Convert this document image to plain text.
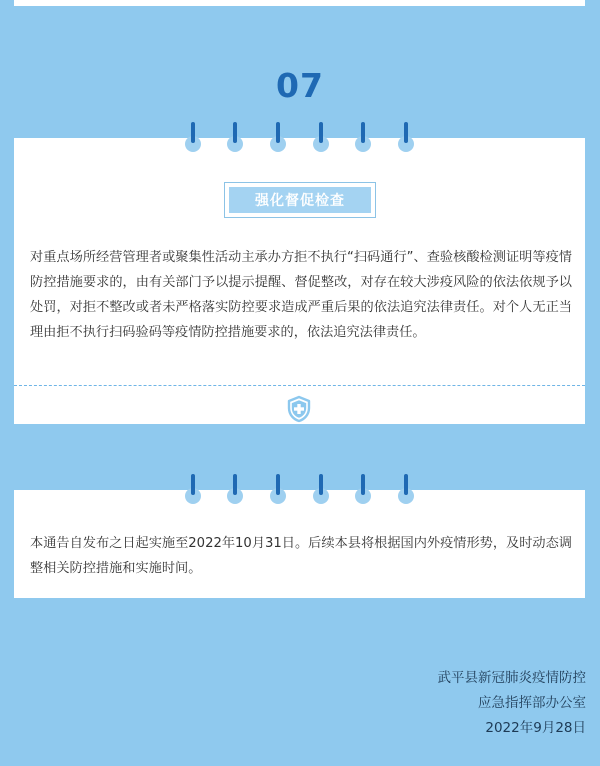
07
强化督促检查
对重点场所经营管理者或聚集性活动主承办方拒不执行“扫码通行”、查验核酸检测证明等疫情防控措施要求的，由有关部门予以提示提醒、督促整改，对存在较大涉疫风险的依法依规予以处罚，对拒不整改或者未严格落实防控要求造成严重后果的依法追究法律责任。对个人无正当理由拒不执行扫码验码等疫情防控措施要求的，依法追究法律责任。
本通告自发布之日起实施至2022年10月31日。后续本县将根据国内外疫情形势，及时动态调整相关防控措施和实施时间。
武平县新冠肺炎疫情防控
应急指挥部办公室
2022年9月28日
